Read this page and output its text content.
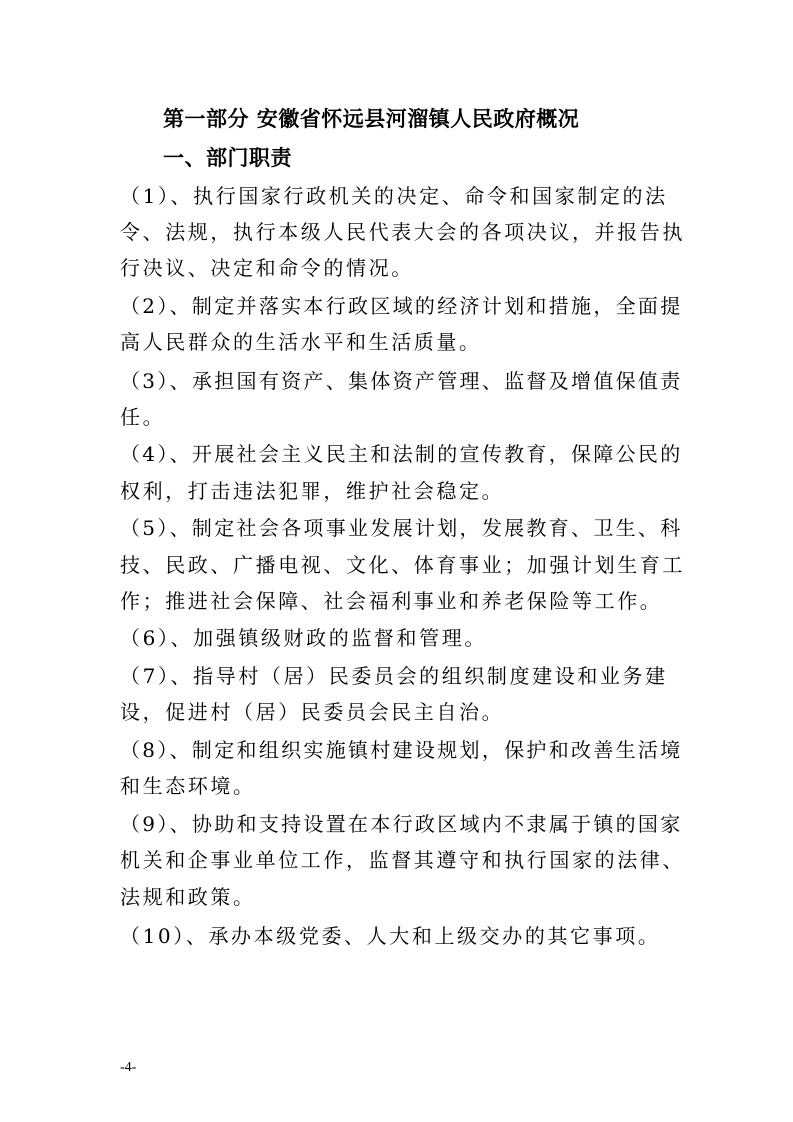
第一部分 安徽省怀远县河溜镇人民政府概况
一、部门职责
（1）、执行国家行政机关的决定、命令和国家制定的法
令、法规，执行本级人民代表大会的各项决议，并报告执
行决议、决定和命令的情况。
（2）、制定并落实本行政区域的经济计划和措施，全面提
高人民群众的生活水平和生活质量。
（3）、承担国有资产、集体资产管理、监督及增值保值责
任。
（4）、开展社会主义民主和法制的宣传教育，保障公民的
权利，打击违法犯罪，维护社会稳定。
（5）、制定社会各项事业发展计划，发展教育、卫生、科
技、民政、广播电视、文化、体育事业；加强计划生育工
作；推进社会保障、社会福利事业和养老保险等工作。
（6）、加强镇级财政的监督和管理。
（7）、指导村（居）民委员会的组织制度建设和业务建
设，促进村（居）民委员会民主自治。
（8）、制定和组织实施镇村建设规划，保护和改善生活境
和生态环境。
（9）、协助和支持设置在本行政区域内不隶属于镇的国家
机关和企事业单位工作，监督其遵守和执行国家的法律、
法规和政策。
（10）、承办本级党委、人大和上级交办的其它事项。
-4-
